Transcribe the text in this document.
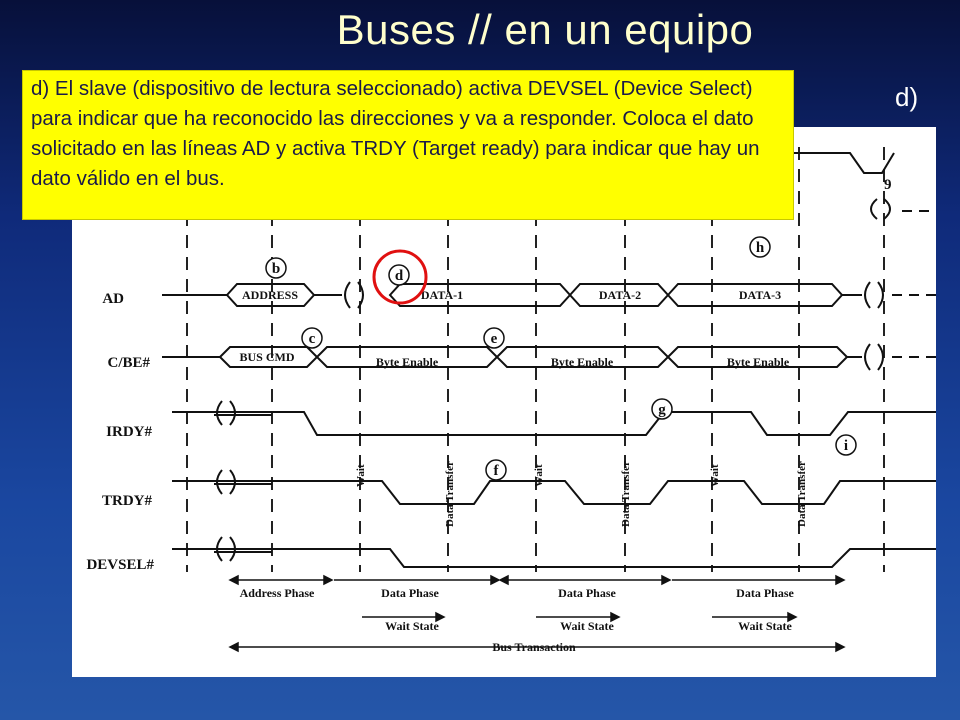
Buses // en un equipo
d)
9
h
AD	ADDRESS	DATA-1	DATA-2	DATA-3
b	d
C/BE#	BUS CMD	Byte Enable	Byte Enable	Byte Enable
c	e
IRDY#
g
i
TRDY#
f
DEVSEL#
Wait	Data Transfer	Wait	Data Transfer	Wait	Data Transfer
Address Phase	Data Phase	Data Phase	Data Phase
Wait State	Wait State	Wait State
Bus Transaction
d) El slave (dispositivo de lectura seleccionado) activa DEVSEL (Device Select) para indicar que ha reconocido las direcciones y va a responder. Coloca el dato solicitado en las líneas AD y activa TRDY (Target ready) para indicar que hay un dato válido en el bus.
